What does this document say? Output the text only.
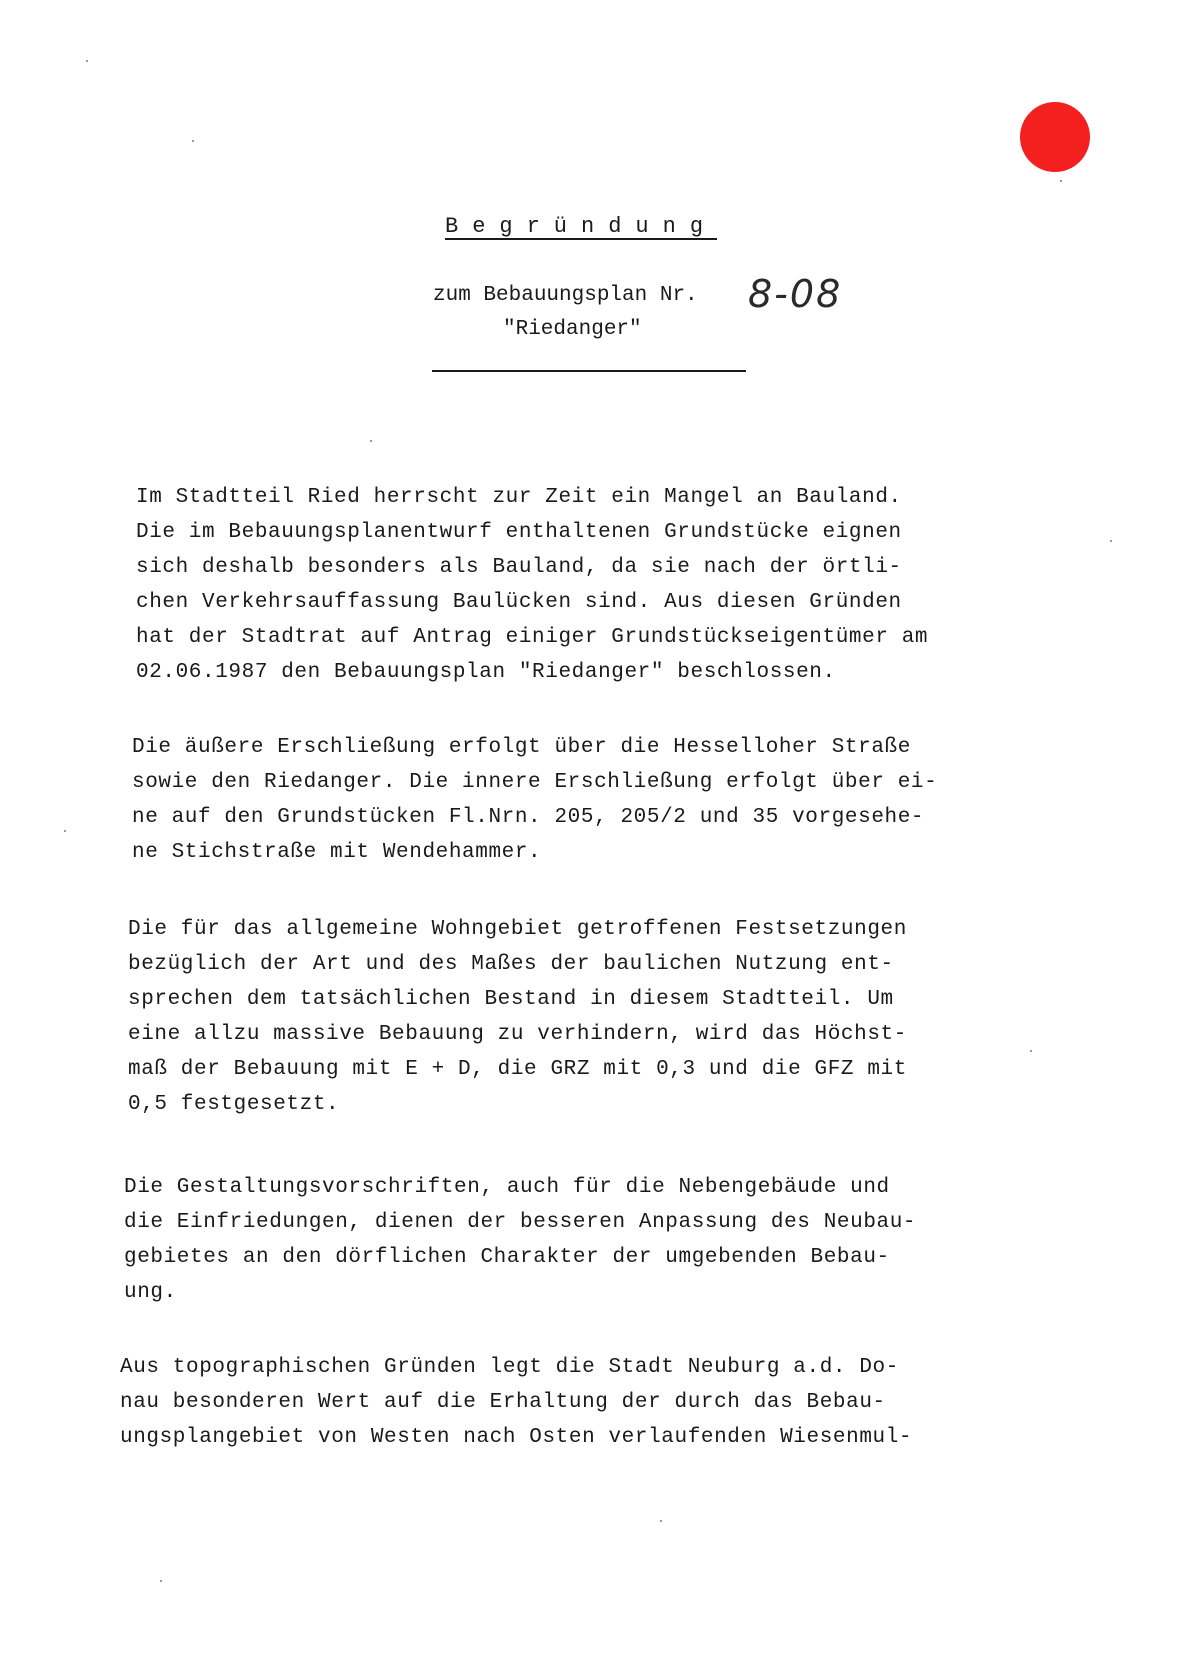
Begründung
zum Bebauungsplan Nr. 8-08
"Riedanger"
Im Stadtteil Ried herrscht zur Zeit ein Mangel an Bauland.
Die im Bebauungsplanentwurf enthaltenen Grundstücke eignen
sich deshalb besonders als Bauland, da sie nach der örtli-
chen Verkehrsauffassung Baulücken sind. Aus diesen Gründen
hat der Stadtrat auf Antrag einiger Grundstückseigentümer am
02.06.1987 den Bebauungsplan "Riedanger" beschlossen.
Die äußere Erschließung erfolgt über die Hesselloher Straße
sowie den Riedanger. Die innere Erschließung erfolgt über ei-
ne auf den Grundstücken Fl.Nrn. 205, 205/2 und 35 vorgesehe-
ne Stichstraße mit Wendehammer.
Die für das allgemeine Wohngebiet getroffenen Festsetzungen
bezüglich der Art und des Maßes der baulichen Nutzung ent-
sprechen dem tatsächlichen Bestand in diesem Stadtteil. Um
eine allzu massive Bebauung zu verhindern, wird das Höchst-
maß der Bebauung mit E + D, die GRZ mit 0,3 und die GFZ mit
0,5 festgesetzt.
Die Gestaltungsvorschriften, auch für die Nebengebäude und
die Einfriedungen, dienen der besseren Anpassung des Neubau-
gebietes an den dörflichen Charakter der umgebenden Bebau-
ung.
Aus topographischen Gründen legt die Stadt Neuburg a.d. Do-
nau besonderen Wert auf die Erhaltung der durch das Bebau-
ungsplangebiet von Westen nach Osten verlaufenden Wiesenmul-
